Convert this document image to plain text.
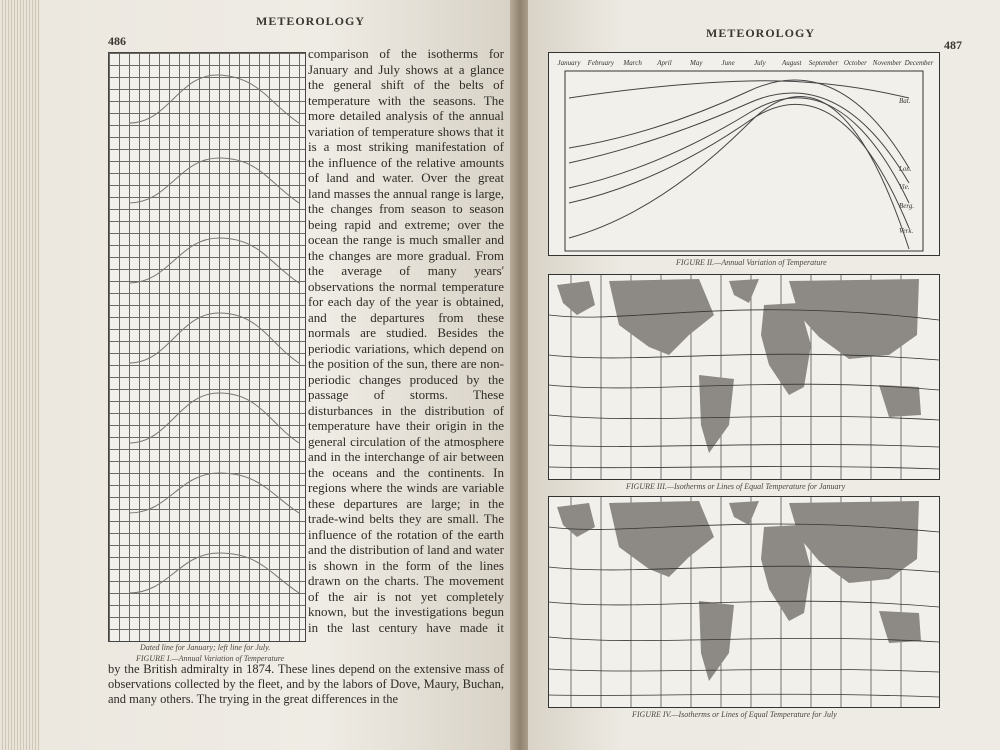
486
METEOROLOGY
Dated line for January; left line for July.
FIGURE I.—Annual Variation of Temperature
comparison of the isotherms for January and July shows at a glance the general shift of the belts of temperature with the seasons. The more detailed analysis of the annual variation of temperature shows that it is a most striking manifestation of the influence of the relative amounts of land and water. Over the great land masses the annual range is large, the changes from season to season being rapid and extreme; over the ocean the range is much smaller and the changes are more gradual. From the average of many years' observations the normal temperature for each day of the year is obtained, and the departures from these normals are studied. Besides the periodic variations, which depend on the position of the sun, there are non-periodic changes produced by the passage of storms. These disturbances in the distribution of temperature have their origin in the general circulation of the atmosphere and in the interchange of air between the oceans and the continents. In regions where the winds are variable these departures are large; in the trade-wind belts they are small. The influence of the rotation of the earth and the distribution of land and water is shown in the form of the lines drawn on the charts. The movement of the air is not yet completely known, but the investigations begun in the last century have made it
by the British admiralty in 1874. These lines depend on the extensive mass of observations collected by the fleet, and by the labors of Dove, Maury, Buchan, and many others. The trying in the great differences in the
METEOROLOGY
487
January February March April	May	June	July August September October November December
Bat.
Lon.
Vie.
Berg.
Verk.
FIGURE II.—Annual Variation of Temperature
FIGURE III.—Isotherms or Lines of Equal Temperature for January
FIGURE IV.—Isotherms or Lines of Equal Temperature for July
